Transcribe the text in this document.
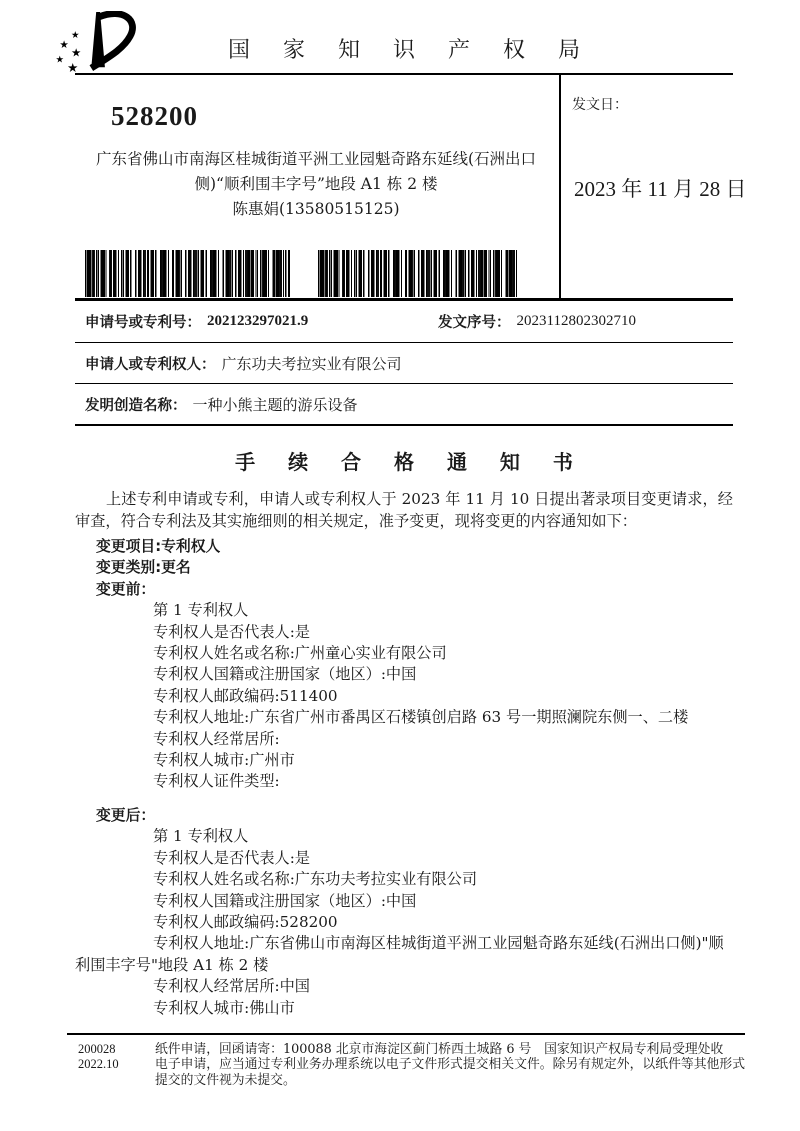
★
★
★
★
★
国 家 知 识 产 权 局
528200
广东省佛山市南海区桂城街道平洲工业园魁奇路东延线(石洲出口
侧)“顺利围丰字号”地段 A1 栋 2 楼
陈惠娟(13580515125)
发文日：
2023 年 11 月 28 日
申请号或专利号： 202123297021.9	发文序号： 2023112802302710
申请人或专利权人： 广东功夫考拉实业有限公司
发明创造名称： 一种小熊主题的游乐设备
手 续 合 格 通 知 书

上述专利申请或专利，申请人或专利权人于 2023 年 11 月 10 日提出著录项目变更请求，经审查，符合专利法及其实施细则的相关规定，准予变更，现将变更的内容通知如下：

变更项目:专利权人
变更类别:更名
变更前：
第 1 专利权人
专利权人是否代表人:是
专利权人姓名或名称:广州童心实业有限公司
专利权人国籍或注册国家（地区）:中国
专利权人邮政编码:511400
专利权人地址:广东省广州市番禺区石楼镇创启路 63 号一期照澜院东侧一、二楼
专利权人经常居所:
专利权人城市:广州市
专利权人证件类型:
变更后：
第 1 专利权人
专利权人是否代表人:是
专利权人姓名或名称:广东功夫考拉实业有限公司
专利权人国籍或注册国家（地区）:中国
专利权人邮政编码:528200
专利权人地址:广东省佛山市南海区桂城街道平洲工业园魁奇路东延线(石洲出口侧)"顺利围丰字号"地段 A1 栋 2 楼
专利权人经常居所:中国
专利权人城市:佛山市
200028
2022.10
纸件申请，回函请寄：100088 北京市海淀区蓟门桥西土城路 6 号　国家知识产权局专利局受理处收
电子申请，应当通过专利业务办理系统以电子文件形式提交相关文件。除另有规定外，以纸件等其他形式提交的文件视为未提交。
